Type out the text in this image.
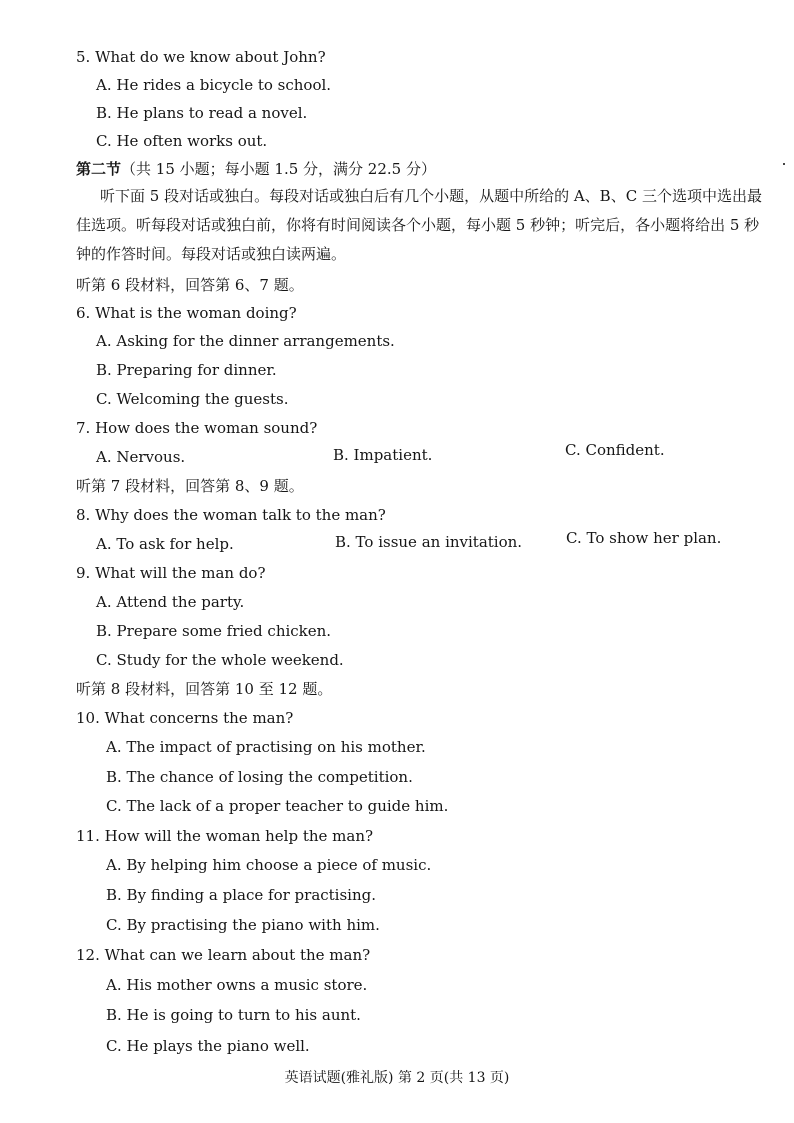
5. What do we know about John?
A. He rides a bicycle to school.
B. He plans to read a novel.
C. He often works out.
第二节（共 15 小题；每小题 1.5 分，满分 22.5 分）
听下面 5 段对话或独白。每段对话或独白后有几个小题，从题中所给的 A、B、C 三个选项中选出最佳选项。听每段对话或独白前，你将有时间阅读各个小题，每小题 5 秒钟；听完后，各小题将给出 5 秒钟的作答时间。每段对话或独白读两遍。
听第 6 段材料，回答第 6、7 题。
6. What is the woman doing?
A. Asking for the dinner arrangements.
B. Preparing for dinner.
C. Welcoming the guests.
7. How does the woman sound?
A. Nervous.	B. Impatient.	C. Confident.
听第 7 段材料，回答第 8、9 题。
8. Why does the woman talk to the man?
A. To ask for help.	B. To issue an invitation.	C. To show her plan.
9. What will the man do?
A. Attend the party.
B. Prepare some fried chicken.
C. Study for the whole weekend.
听第 8 段材料，回答第 10 至 12 题。
10. What concerns the man?
A. The impact of practising on his mother.
B. The chance of losing the competition.
C. The lack of a proper teacher to guide him.
11. How will the woman help the man?
A. By helping him choose a piece of music.
B. By finding a place for practising.
C. By practising the piano with him.
12. What can we learn about the man?
A. His mother owns a music store.
B. He is going to turn to his aunt.
C. He plays the piano well.
英语试题(雅礼版) 第 2 页(共 13 页)
